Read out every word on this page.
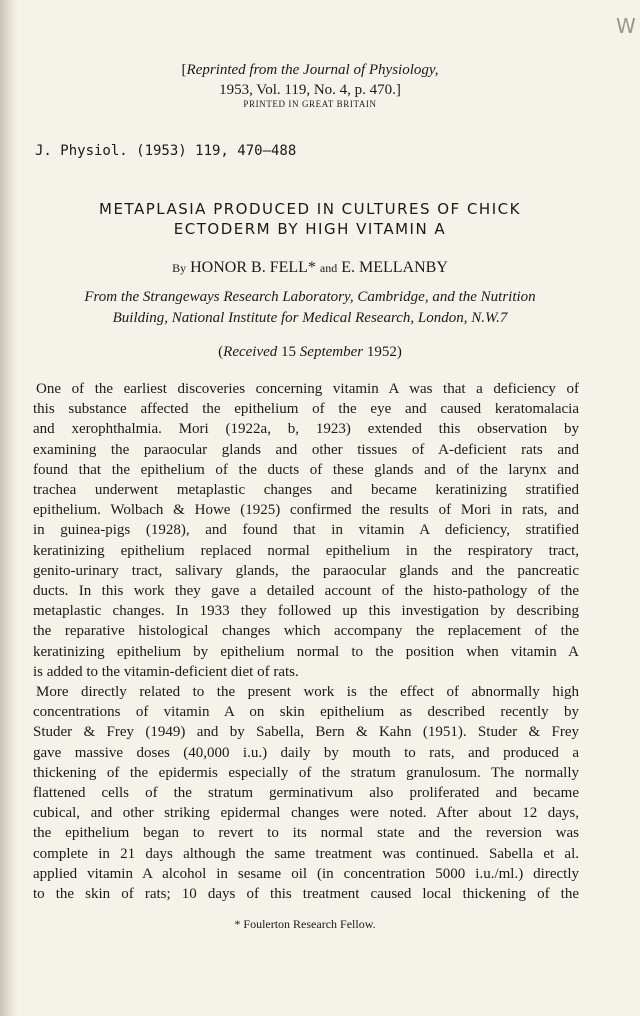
W
[Reprinted from the Journal of Physiology,
1953, Vol. 119, No. 4, p. 470.]
PRINTED IN GREAT BRITAIN
J. Physiol. (1953) 119, 470–488
METAPLASIA PRODUCED IN CULTURES OF CHICK
ECTODERM BY HIGH VITAMIN A
By HONOR B. FELL* and E. MELLANBY
From the Strangeways Research Laboratory, Cambridge, and the Nutrition
Building, National Institute for Medical Research, London, N.W.7
(Received 15 September 1952)
One of the earliest discoveries concerning vitamin A was that a deficiency of
this substance affected the epithelium of the eye and caused keratomalacia
and xerophthalmia. Mori (1922a, b, 1923) extended this observation by
examining the paraocular glands and other tissues of A-deficient rats and
found that the epithelium of the ducts of these glands and of the larynx and
trachea underwent metaplastic changes and became keratinizing stratified
epithelium. Wolbach & Howe (1925) confirmed the results of Mori in rats, and
in guinea-pigs (1928), and found that in vitamin A deficiency, stratified
keratinizing epithelium replaced normal epithelium in the respiratory tract,
genito-urinary tract, salivary glands, the paraocular glands and the pancreatic
ducts. In this work they gave a detailed account of the histo-pathology of the
metaplastic changes. In 1933 they followed up this investigation by describing
the reparative histological changes which accompany the replacement of the
keratinizing epithelium by epithelium normal to the position when vitamin A
is added to the vitamin-deficient diet of rats.
More directly related to the present work is the effect of abnormally high
concentrations of vitamin A on skin epithelium as described recently by
Studer & Frey (1949) and by Sabella, Bern & Kahn (1951). Studer & Frey
gave massive doses (40,000 i.u.) daily by mouth to rats, and produced a
thickening of the epidermis especially of the stratum granulosum. The normally
flattened cells of the stratum germinativum also proliferated and became
cubical, and other striking epidermal changes were noted. After about 12 days,
the epithelium began to revert to its normal state and the reversion was
complete in 21 days although the same treatment was continued. Sabella et al.
applied vitamin A alcohol in sesame oil (in concentration 5000 i.u./ml.) directly
to the skin of rats; 10 days of this treatment caused local thickening of the
* Foulerton Research Fellow.
